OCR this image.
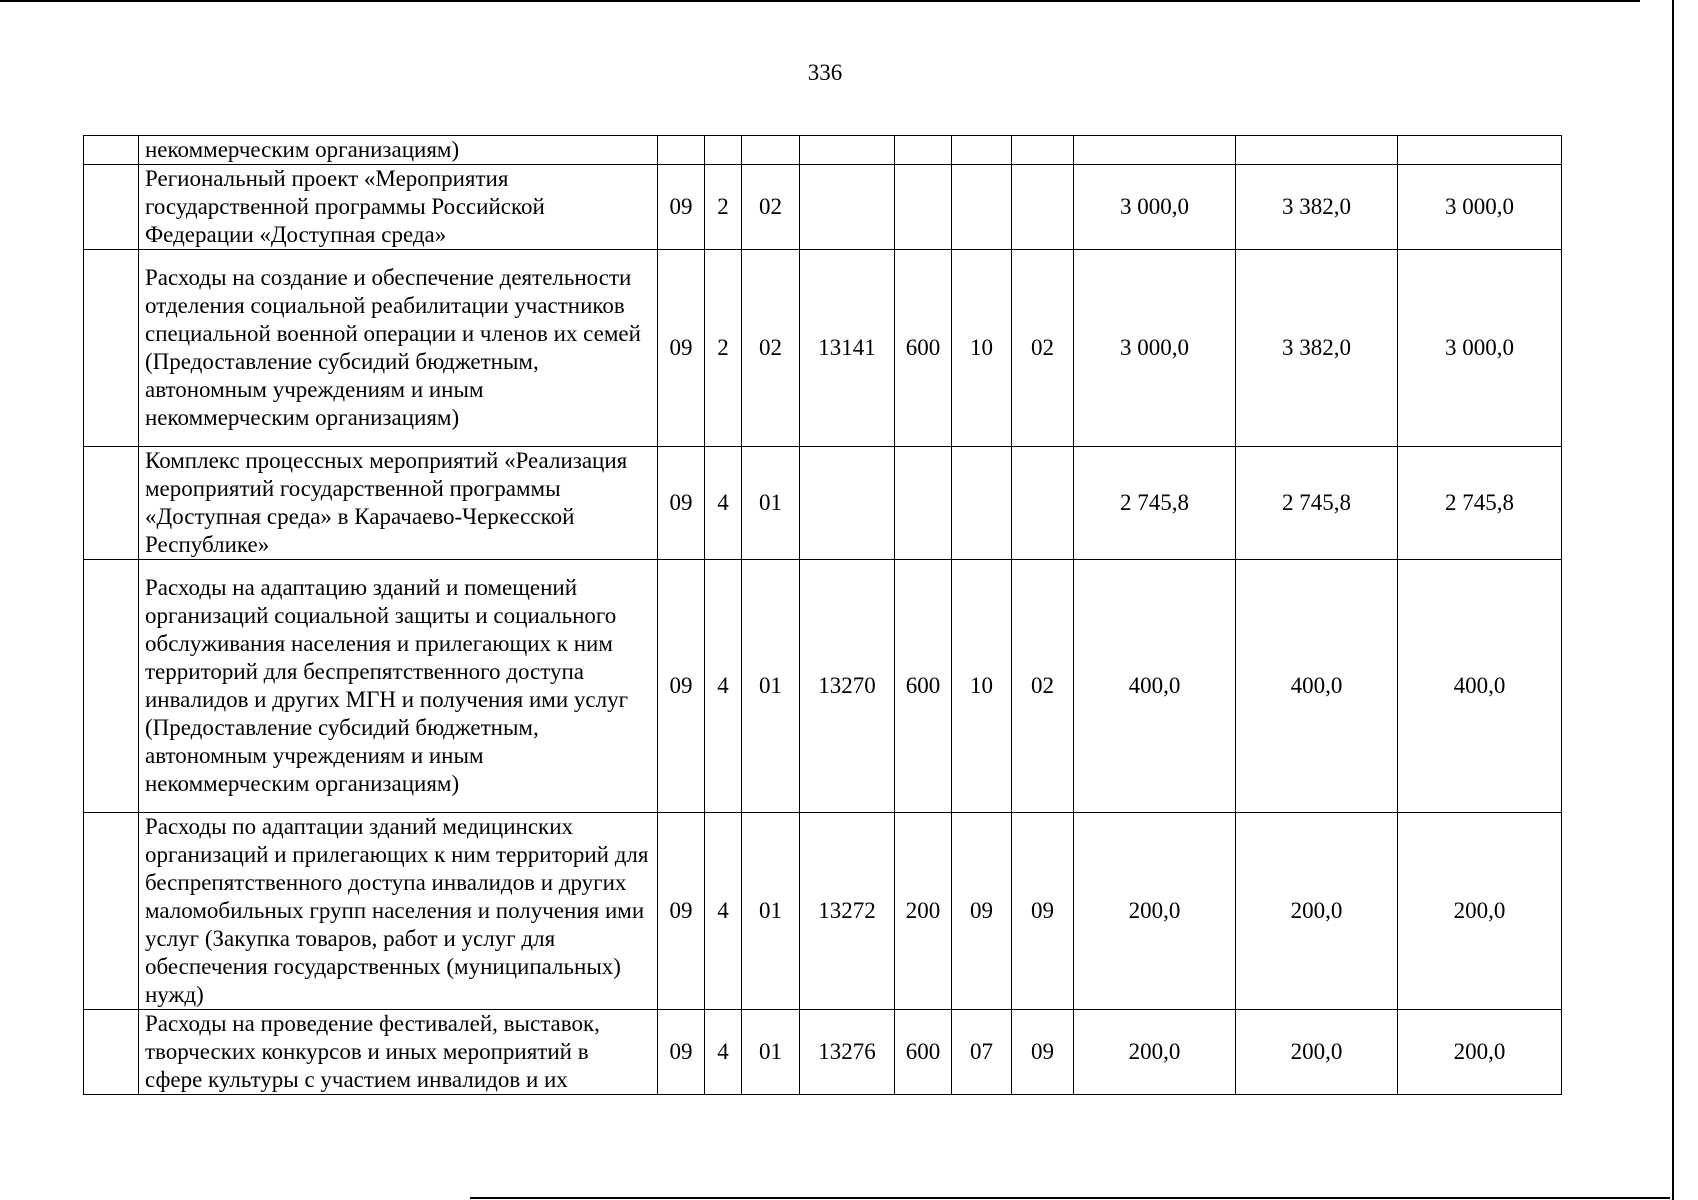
336
	некоммерческим организациям)										
	Региональный проект «Мероприятия государственной программы Российской Федерации «Доступная среда»	09	2	02					3 000,0	3 382,0	3 000,0
	Расходы на создание и обеспечение деятельности отделения социальной реабилитации участников специальной военной операции и членов их семей (Предоставление субсидий бюджетным, автономным учреждениям и иным некоммерческим организациям)	09	2	02	13141	600	10	02	3 000,0	3 382,0	3 000,0
	Комплекс процессных мероприятий «Реализация мероприятий государственной программы «Доступная среда» в Карачаево-Черкесской Республике»	09	4	01					2 745,8	2 745,8	2 745,8
	Расходы на адаптацию зданий и помещений организаций социальной защиты и социального обслуживания населения и прилегающих к ним территорий для беспрепятственного доступа инвалидов и других МГН и получения ими услуг (Предоставление субсидий бюджетным, автономным учреждениям и иным некоммерческим организациям)	09	4	01	13270	600	10	02	400,0	400,0	400,0
	Расходы по адаптации зданий медицинских организаций и прилегающих к ним территорий для беспрепятственного доступа инвалидов и других маломобильных групп населения и получения ими услуг (Закупка товаров, работ и услуг для обеспечения государственных (муниципальных) нужд)	09	4	01	13272	200	09	09	200,0	200,0	200,0
	Расходы на проведение фестивалей, выставок, творческих конкурсов и иных мероприятий в сфере культуры с участием инвалидов и их	09	4	01	13276	600	07	09	200,0	200,0	200,0
